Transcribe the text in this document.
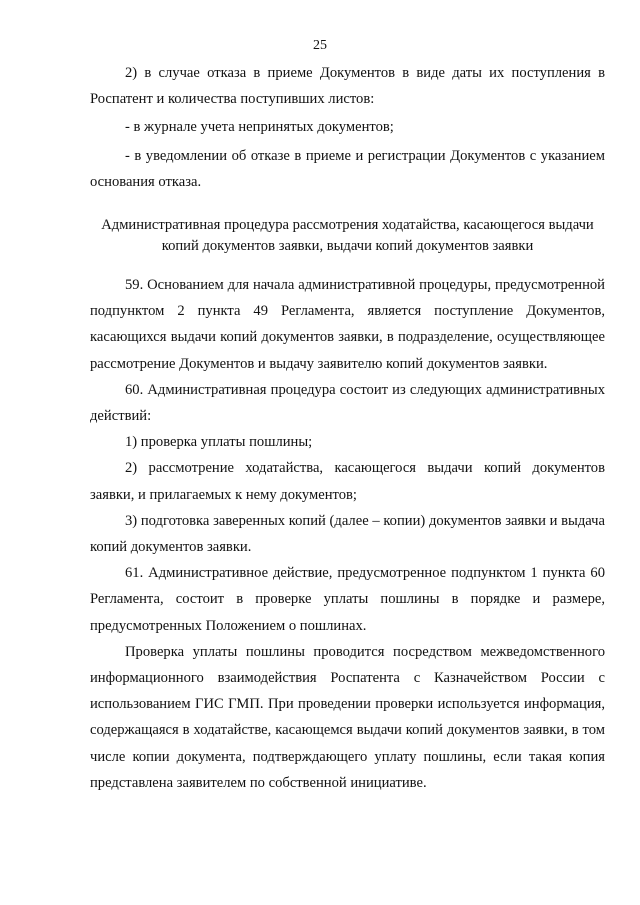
25

2) в случае отказа в приеме Документов в виде даты их поступления в Роспатент и количества поступивших листов:

- в журнале учета непринятых документов;

- в уведомлении об отказе в приеме и регистрации Документов с указанием основания отказа.

Административная процедура рассмотрения ходатайства, касающегося выдачи копий документов заявки, выдачи копий документов заявки

59. Основанием для начала административной процедуры, предусмотренной подпунктом 2 пункта 49 Регламента, является поступление Документов, касающихся выдачи копий документов заявки, в подразделение, осуществляющее рассмотрение Документов и выдачу заявителю копий документов заявки.

60. Административная процедура состоит из следующих административных действий:

1) проверка уплаты пошлины;

2) рассмотрение ходатайства, касающегося выдачи копий документов заявки, и прилагаемых к нему документов;

3) подготовка заверенных копий (далее – копии) документов заявки и выдача копий документов заявки.

61. Административное действие, предусмотренное подпунктом 1 пункта 60 Регламента, состоит в проверке уплаты пошлины в порядке и размере, предусмотренных Положением о пошлинах.

Проверка уплаты пошлины проводится посредством межведомственного информационного взаимодействия Роспатента с Казначейством России с использованием ГИС ГМП. При проведении проверки используется информация, содержащаяся в ходатайстве, касающемся выдачи копий документов заявки, в том числе копии документа, подтверждающего уплату пошлины, если такая копия представлена заявителем по собственной инициативе.
